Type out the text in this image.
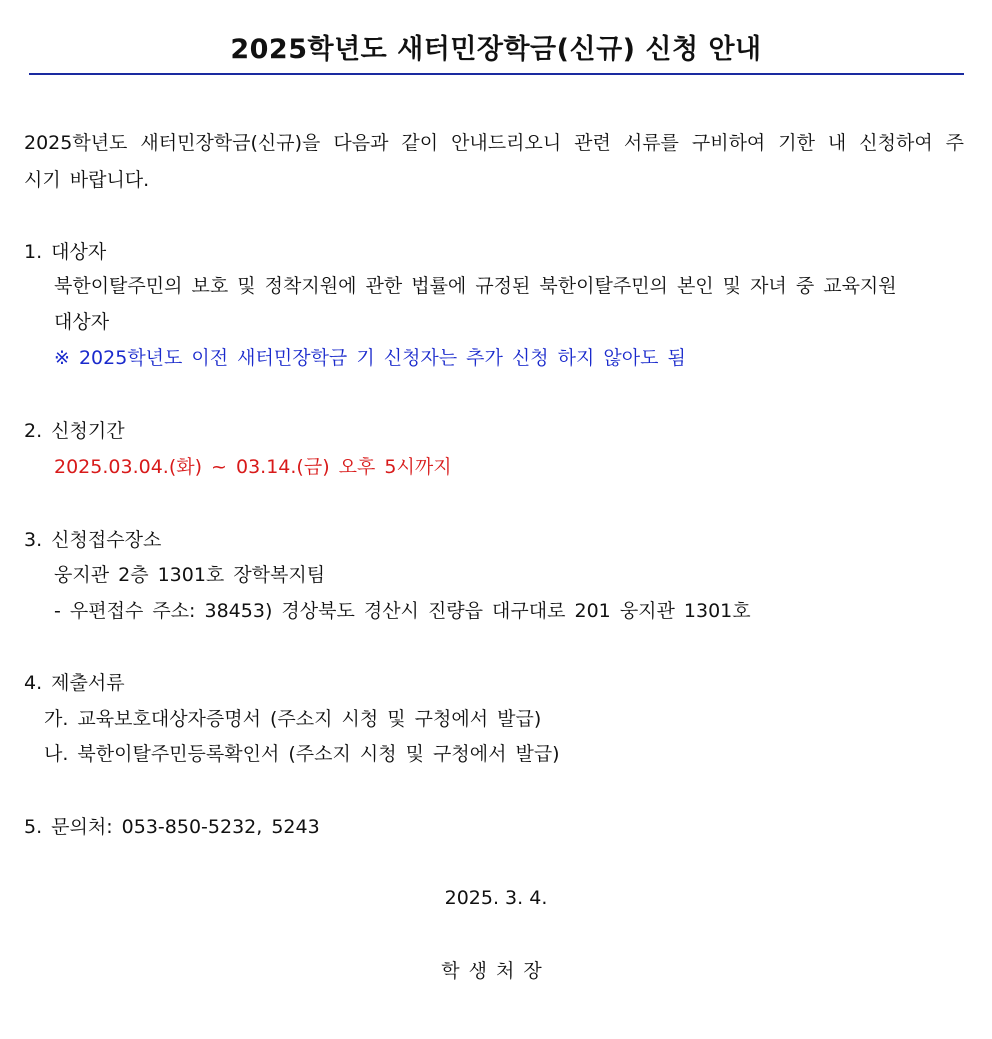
2025학년도 새터민장학금(신규) 신청 안내
2025학년도 새터민장학금(신규)을 다음과 같이 안내드리오니 관련 서류를 구비하여 기한 내 신청하여 주
시기 바랍니다.
1. 대상자
북한이탈주민의 보호 및 정착지원에 관한 법률에 규정된 북한이탈주민의 본인 및 자녀 중 교육지원
대상자
※ 2025학년도 이전 새터민장학금 기 신청자는 추가 신청 하지 않아도 됨
2. 신청기간
2025.03.04.(화) ~ 03.14.(금) 오후 5시까지
3. 신청접수장소
웅지관 2층 1301호 장학복지팀
- 우편접수 주소: 38453) 경상북도 경산시 진량읍 대구대로 201 웅지관 1301호
4. 제출서류
가. 교육보호대상자증명서 (주소지 시청 및 구청에서 발급)
나. 북한이탈주민등록확인서 (주소지 시청 및 구청에서 발급)
5. 문의처: 053-850-5232, 5243
2025. 3. 4.
학생처장
